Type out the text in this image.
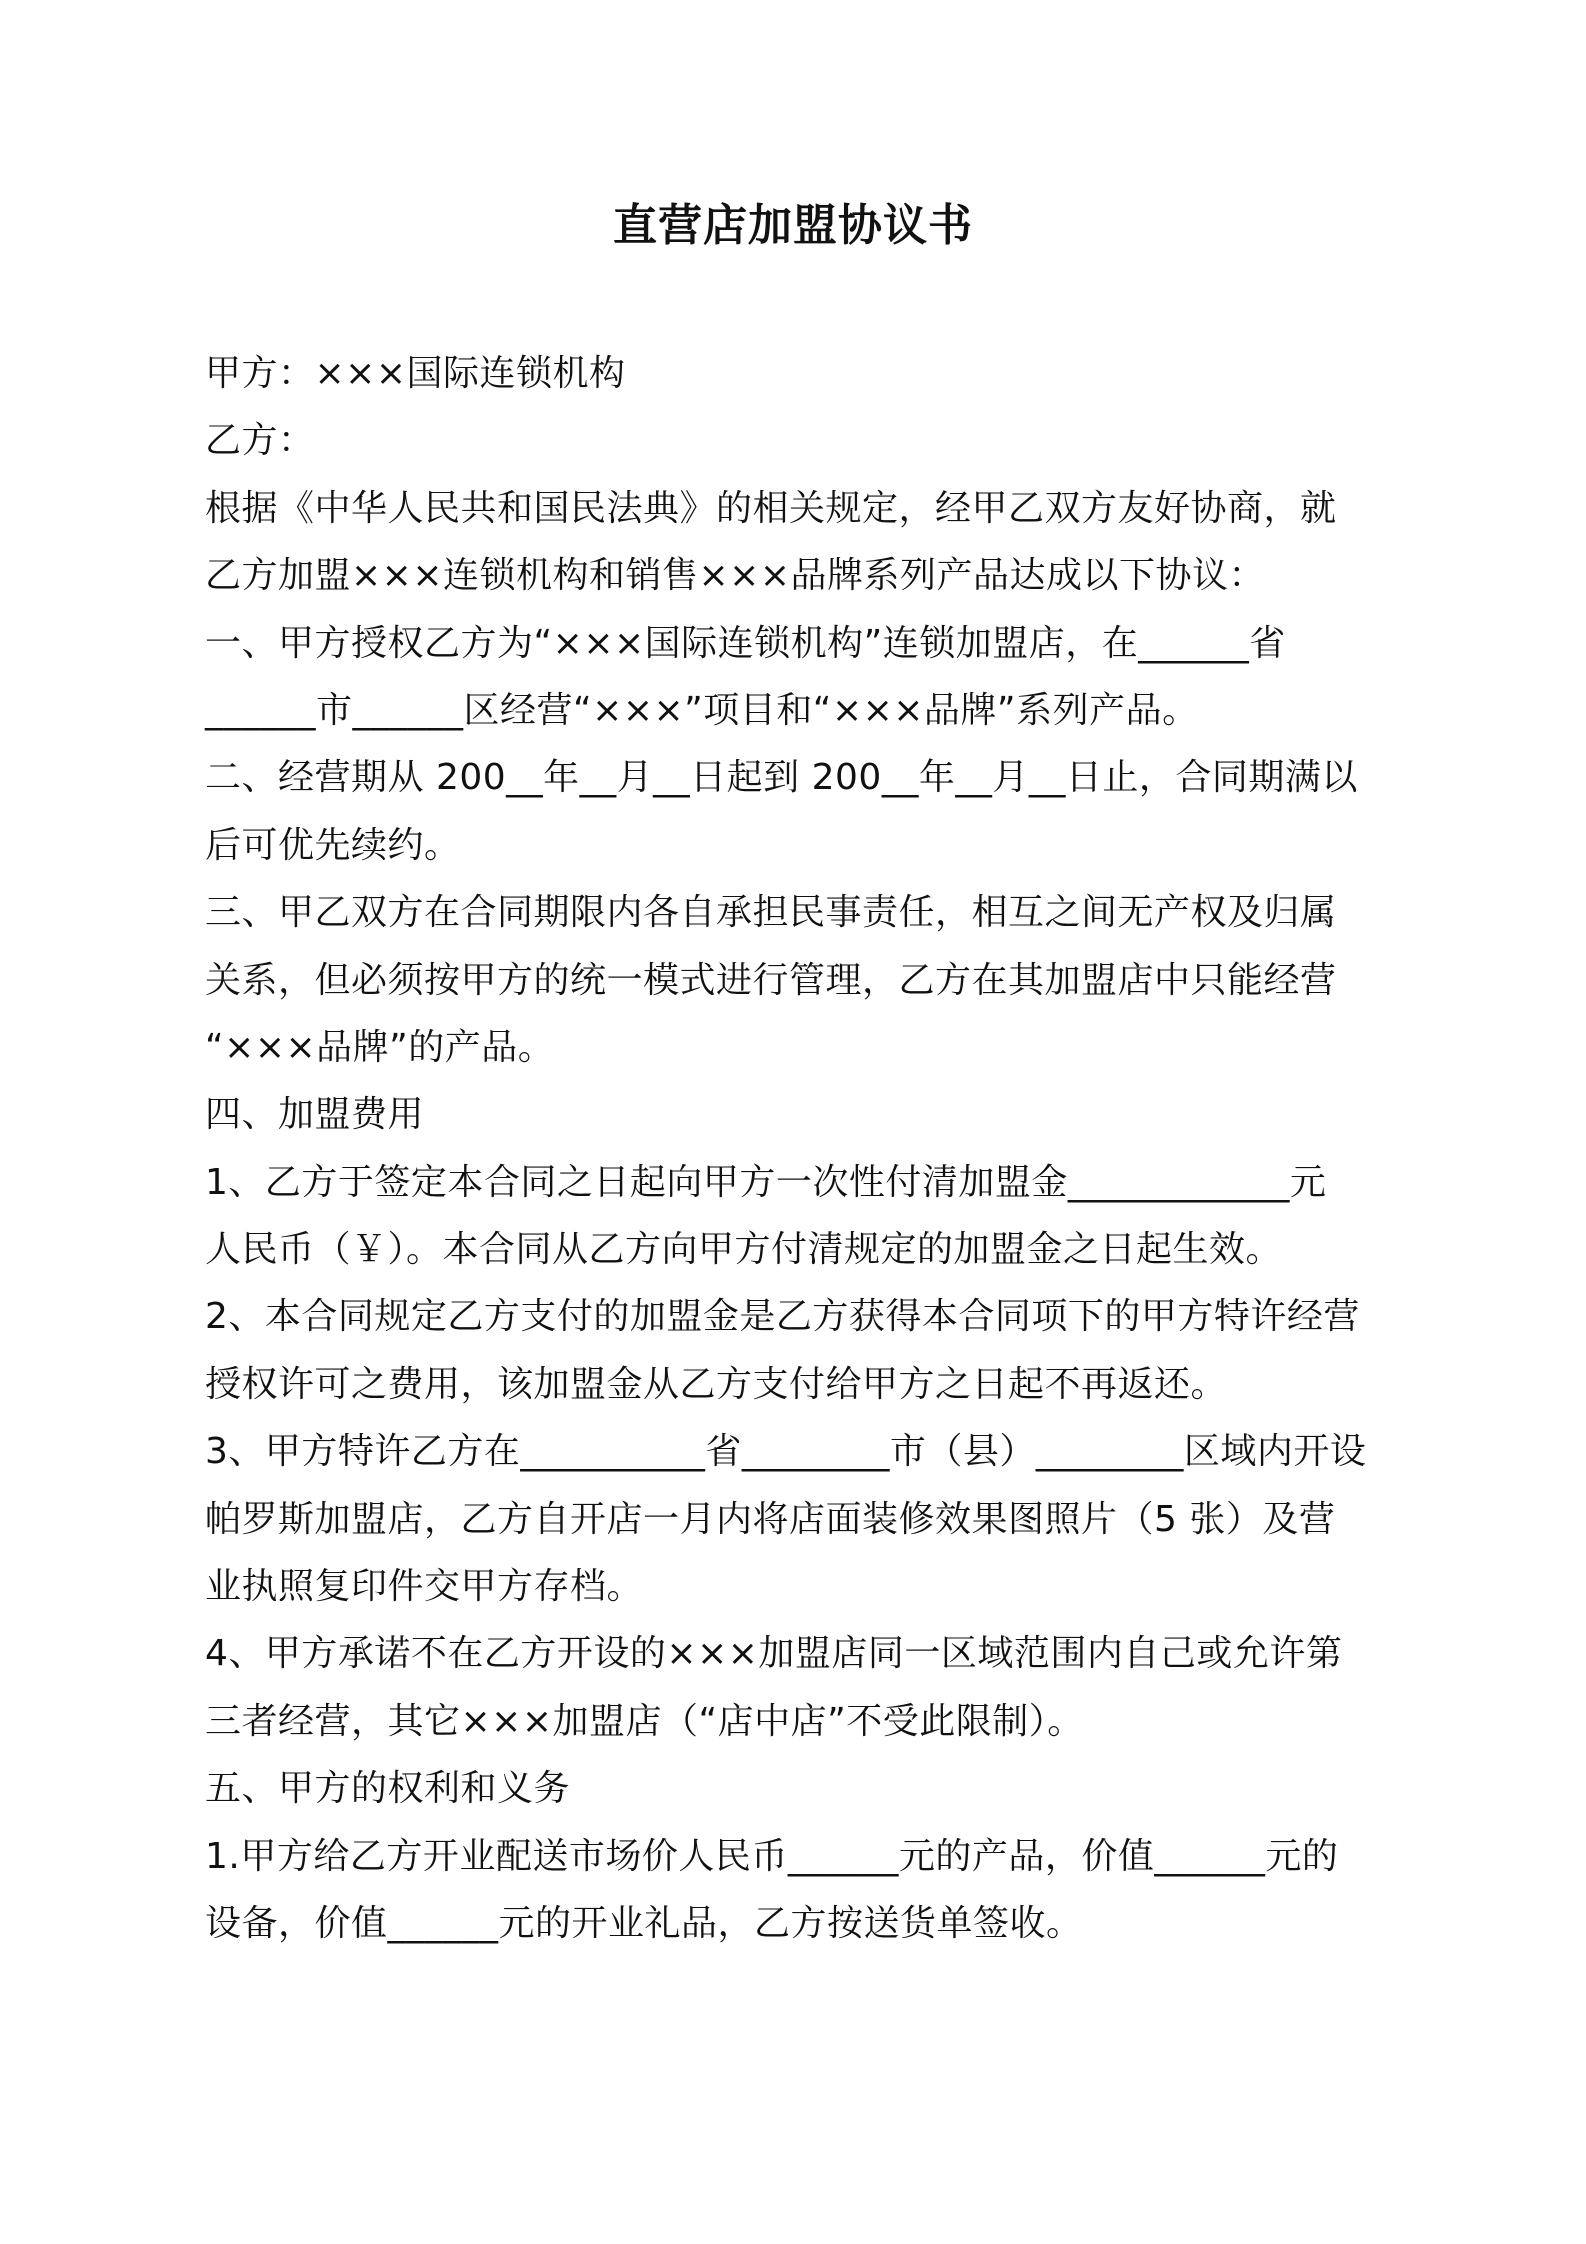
直营店加盟协议书
甲方：×××国际连锁机构
乙方：
根据《中华人民共和国民法典》的相关规定，经甲乙双方友好协商，就
乙方加盟×××连锁机构和销售×××品牌系列产品达成以下协议：
一、甲方授权乙方为“×××国际连锁机构”连锁加盟店，在______省
______市______区经营“×××”项目和“×××品牌”系列产品。
二、经营期从 200__年__月__日起到 200__年__月__日止，合同期满以
后可优先续约。
三、甲乙双方在合同期限内各自承担民事责任，相互之间无产权及归属
关系，但必须按甲方的统一模式进行管理，乙方在其加盟店中只能经营
“×××品牌”的产品。
四、加盟费用
1、乙方于签定本合同之日起向甲方一次性付清加盟金____________元
人民币（￥）。本合同从乙方向甲方付清规定的加盟金之日起生效。
2、本合同规定乙方支付的加盟金是乙方获得本合同项下的甲方特许经营
授权许可之费用，该加盟金从乙方支付给甲方之日起不再返还。
3、甲方特许乙方在__________省________市（县）________区域内开设
帕罗斯加盟店，乙方自开店一月内将店面装修效果图照片（5 张）及营
业执照复印件交甲方存档。
4、甲方承诺不在乙方开设的×××加盟店同一区域范围内自己或允许第
三者经营，其它×××加盟店（“店中店”不受此限制）。
五、甲方的权利和义务
1.甲方给乙方开业配送市场价人民币______元的产品，价值______元的
设备，价值______元的开业礼品，乙方按送货单签收。
